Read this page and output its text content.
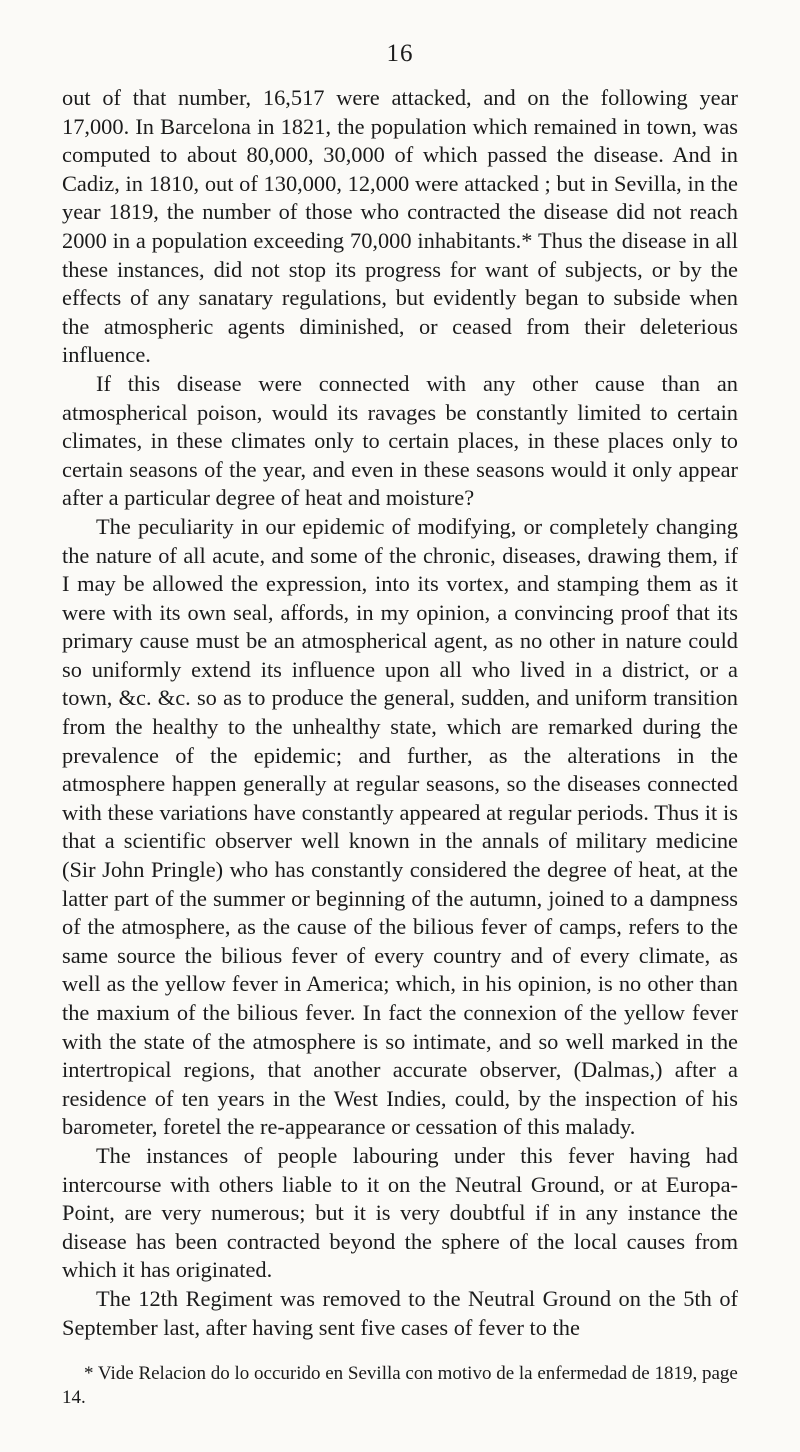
16

out of that number, 16,517 were attacked, and on the following year 17,000. In Barcelona in 1821, the population which remained in town, was computed to about 80,000, 30,000 of which passed the disease. And in Cadiz, in 1810, out of 130,000, 12,000 were attacked ; but in Sevilla, in the year 1819, the number of those who contracted the disease did not reach 2000 in a population exceeding 70,000 inhabitants.* Thus the disease in all these instances, did not stop its progress for want of subjects, or by the effects of any sanatary regulations, but evidently began to subside when the atmospheric agents diminished, or ceased from their deleterious influence.

If this disease were connected with any other cause than an atmospherical poison, would its ravages be constantly limited to certain climates, in these climates only to certain places, in these places only to certain seasons of the year, and even in these seasons would it only appear after a particular degree of heat and moisture?

The peculiarity in our epidemic of modifying, or completely changing the nature of all acute, and some of the chronic, diseases, drawing them, if I may be allowed the expression, into its vortex, and stamping them as it were with its own seal, affords, in my opinion, a convincing proof that its primary cause must be an atmospherical agent, as no other in nature could so uniformly extend its influence upon all who lived in a district, or a town, &c. &c. so as to produce the general, sudden, and uniform transition from the healthy to the unhealthy state, which are remarked during the prevalence of the epidemic; and further, as the alterations in the atmosphere happen generally at regular seasons, so the diseases connected with these variations have constantly appeared at regular periods. Thus it is that a scientific observer well known in the annals of military medicine (Sir John Pringle) who has constantly considered the degree of heat, at the latter part of the summer or beginning of the autumn, joined to a dampness of the atmosphere, as the cause of the bilious fever of camps, refers to the same source the bilious fever of every country and of every climate, as well as the yellow fever in America; which, in his opinion, is no other than the maxium of the bilious fever. In fact the connexion of the yellow fever with the state of the atmosphere is so intimate, and so well marked in the intertropical regions, that another accurate observer, (Dalmas,) after a residence of ten years in the West Indies, could, by the inspection of his barometer, foretel the re-appearance or cessation of this malady.

The instances of people labouring under this fever having had intercourse with others liable to it on the Neutral Ground, or at Europa-Point, are very numerous; but it is very doubtful if in any instance the disease has been contracted beyond the sphere of the local causes from which it has originated.

The 12th Regiment was removed to the Neutral Ground on the 5th of September last, after having sent five cases of fever to the

* Vide Relacion do lo occurido en Sevilla con motivo de la enfermedad de 1819, page 14.
